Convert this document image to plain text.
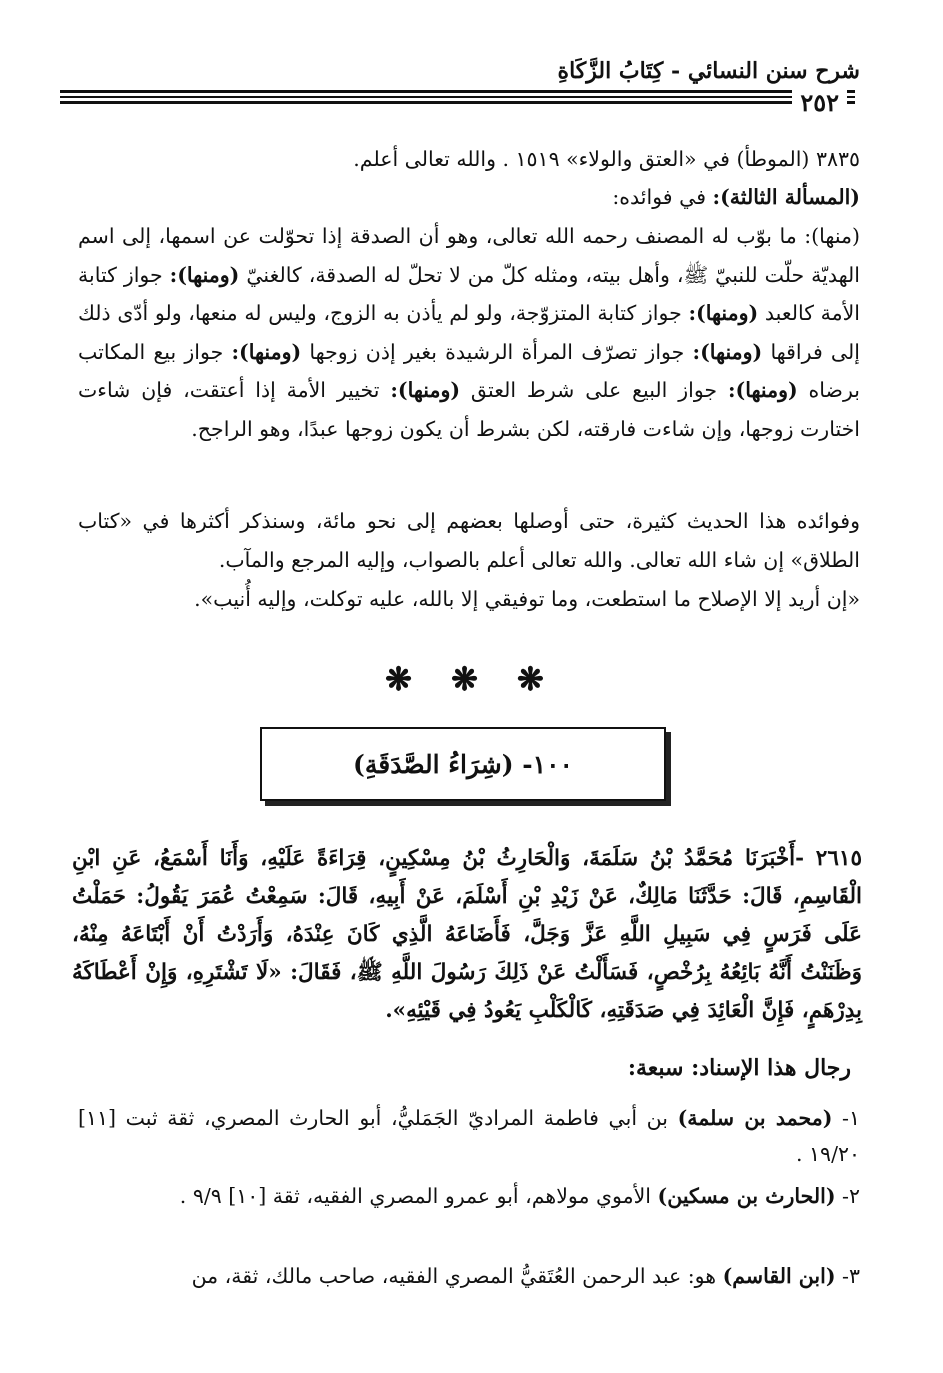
شرح سنن النسائي - كِتَابُ الزَّكَاةِ
٢٥٢

٣٨٣٥ (الموطأ) في «العتق والولاء» ١٥١٩ . والله تعالى أعلم.

(المسألة الثالثة): في فوائده:

(منها): ما بوّب له المصنف رحمه الله تعالى، وهو أن الصدقة إذا تحوّلت عن اسمها، إلى اسم الهديّة حلّت للنبيّ ﷺ، وأهل بيته، ومثله كلّ من لا تحلّ له الصدقة، كالغنيّ (ومنها): جواز كتابة الأمة كالعبد (ومنها): جواز كتابة المتزوّجة، ولو لم يأذن به الزوج، وليس له منعها، ولو أدّى ذلك إلى فراقها (ومنها): جواز تصرّف المرأة الرشيدة بغير إذن زوجها (ومنها): جواز بيع المكاتب برضاه (ومنها): جواز البيع على شرط العتق (ومنها): تخيير الأمة إذا أعتقت، فإن شاءت اختارت زوجها، وإن شاءت فارقته، لكن بشرط أن يكون زوجها عبدًا، وهو الراجح.

وفوائده هذا الحديث كثيرة، حتى أوصلها بعضهم إلى نحو مائة، وسنذكر أكثرها في «كتاب الطلاق» إن شاء الله تعالى. والله تعالى أعلم بالصواب، وإليه المرجع والمآب.

«إن أريد إلا الإصلاح ما استطعت، وما توفيقي إلا بالله، عليه توكلت، وإليه أُنيب».

❋ ❋ ❋
١٠٠- (شِرَاءُ الصَّدَقَةِ)

٢٦١٥ -أَخْبَرَنَا مُحَمَّدُ بْنُ سَلَمَةَ، وَالْحَارِثُ بْنُ مِسْكِينٍ، قِرَاءَةً عَلَيْهِ، وَأَنَا أَسْمَعُ، عَنِ ابْنِ الْقَاسِمِ، قَالَ: حَدَّثَنَا مَالِكٌ، عَنْ زَيْدِ بْنِ أَسْلَمَ، عَنْ أَبِيهِ، قَالَ: سَمِعْتُ عُمَرَ يَقُولُ: حَمَلْتُ عَلَى فَرَسٍ فِي سَبِيلِ اللَّهِ عَزَّ وَجَلَّ، فَأَضَاعَهُ الَّذِي كَانَ عِنْدَهُ، وَأَرَدْتُ أَنْ أَبْتَاعَهُ مِنْهُ، وَظَنَنْتُ أَنَّهُ بَائِعُهُ بِرُخْصٍ، فَسَأَلْتُ عَنْ ذَلِكَ رَسُولَ اللَّهِ ﷺ، فَقَالَ: «لَا تَشْتَرِهِ، وَإِنْ أَعْطَاكَهُ بِدِرْهَمٍ، فَإِنَّ الْعَائِدَ فِي صَدَقَتِهِ، كَالْكَلْبِ يَعُودُ فِي قَيْئِهِ».

رجال هذا الإسناد: سبعة:

١- (محمد بن سلمة) بن أبي فاطمة المراديّ الجَمَليُّ، أبو الحارث المصري، ثقة ثبت [١١] ١٩/٢٠ .

٢- (الحارث بن مسكين) الأموي مولاهم، أبو عمرو المصري الفقيه، ثقة [١٠] ٩/٩ .

٣- (ابن القاسم) هو: عبد الرحمن العُتَقيُّ المصري الفقيه، صاحب مالك، ثقة، من
